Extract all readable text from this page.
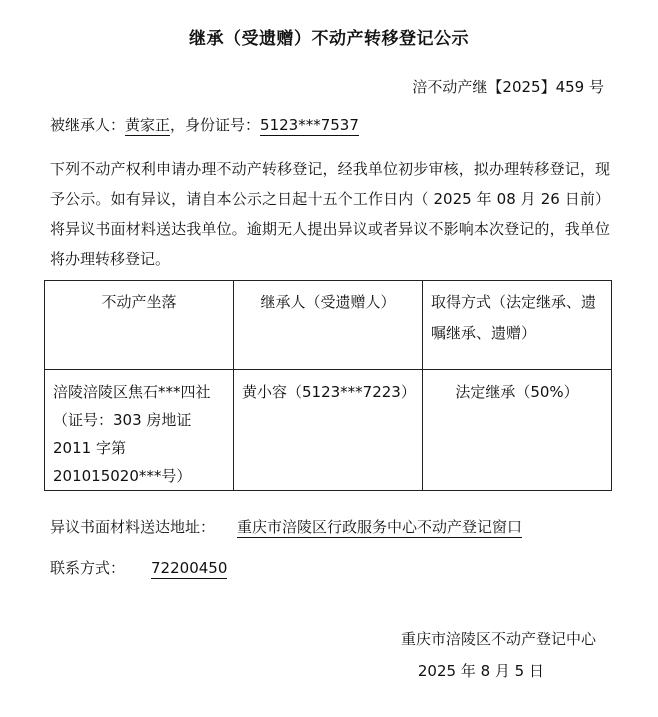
继承（受遗赠）不动产转移登记公示
涪不动产继【2025】459 号
被继承人：黄家正，身份证号：5123***7537
下列不动产权利申请办理不动产转移登记，经我单位初步审核，拟办理转移登记，现予公示。如有异议，请自本公示之日起十五个工作日内（ 2025 年 08 月 26 日前）将异议书面材料送达我单位。逾期无人提出异议或者异议不影响本次登记的，我单位将办理转移登记。
不动产坐落	继承人（受遗赠人）	取得方式（法定继承、遗嘱继承、遗赠）
涪陵涪陵区焦石***四社（证号：303 房地证 2011 字第 201015020***号）	黄小容（5123***7223）	法定继承（50%）
异议书面材料送达地址： 重庆市涪陵区行政服务中心不动产登记窗口
联系方式： 72200450
重庆市涪陵区不动产登记中心
2025 年 8 月 5 日
